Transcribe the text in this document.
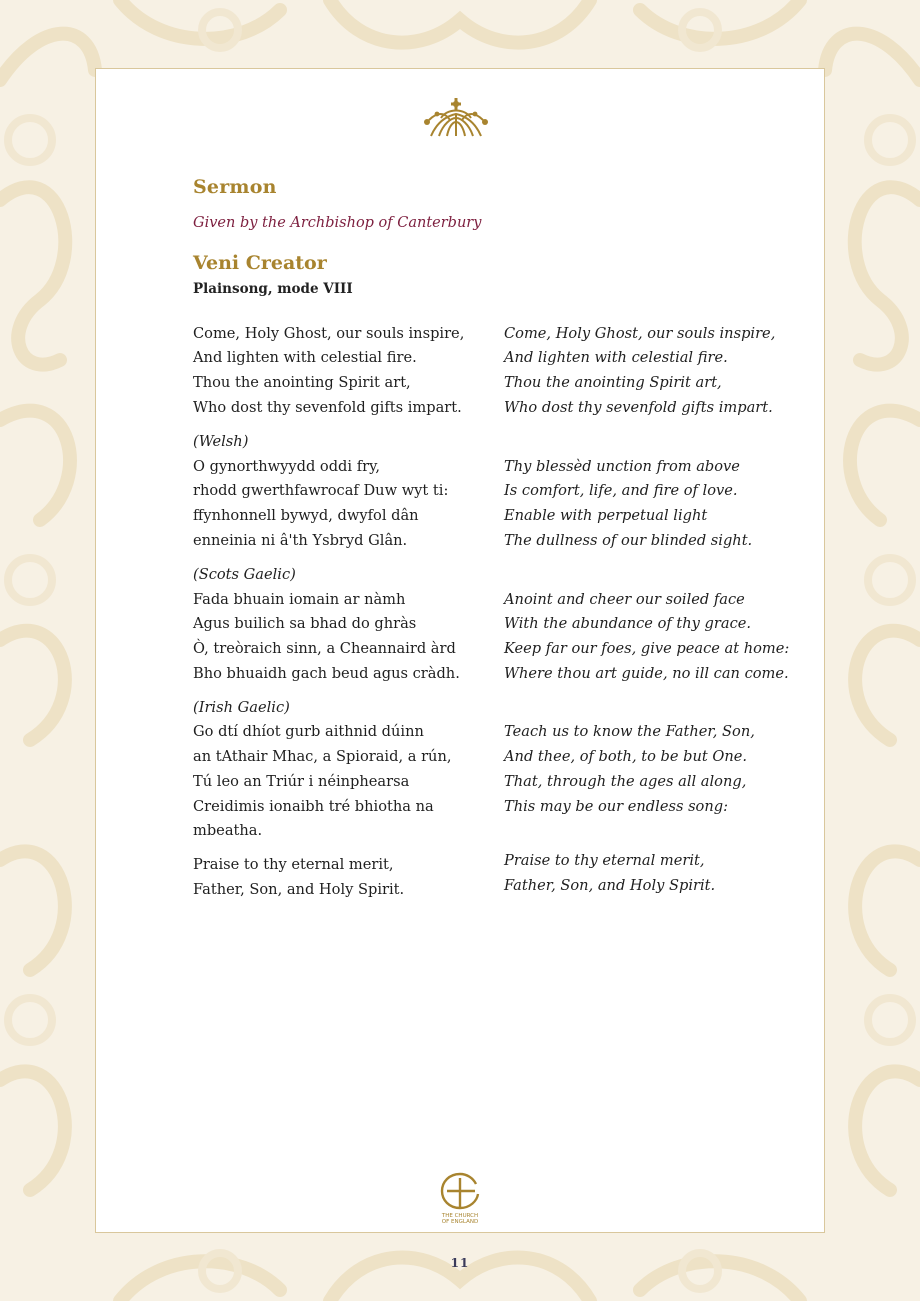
Sermon
Given by the Archbishop of Canterbury
Veni Creator
Plainsong, mode VIII
Come, Holy Ghost, our souls inspire,
And lighten with celestial fire.
Thou the anointing Spirit art,
Who dost thy sevenfold gifts impart.
(Welsh)
O gynorthwyydd oddi fry,
rhodd gwerthfawrocaf Duw wyt ti:
ffynhonnell bywyd, dwyfol dân
enneinia ni â'th Ysbryd Glân.
(Scots Gaelic)
Fada bhuain iomain ar nàmh
Agus builich sa bhad do ghràs
Ò, treòraich sinn, a Cheannaird àrd
Bho bhuaidh gach beud agus cràdh.
(Irish Gaelic)
Go dtí dhíot gurb aithnid dúinn
an tAthair Mhac, a Spioraid, a rún,
Tú leo an Triúr i néinphearsa
Creidimis ionaibh tré bhiotha na
mbeatha.
Praise to thy eternal merit,
Father, Son, and Holy Spirit.
Come, Holy Ghost, our souls inspire,
And lighten with celestial fire.
Thou the anointing Spirit art,
Who dost thy sevenfold gifts impart.
Thy blessèd unction from above
Is comfort, life, and fire of love.
Enable with perpetual light
The dullness of our blinded sight.
Anoint and cheer our soiled face
With the abundance of thy grace.
Keep far our foes, give peace at home:
Where thou art guide, no ill can come.
Teach us to know the Father, Son,
And thee, of both, to be but One.
That, through the ages all along,
This may be our endless song:
Praise to thy eternal merit,
Father, Son, and Holy Spirit.
THE CHURCH
OF ENGLAND
11
